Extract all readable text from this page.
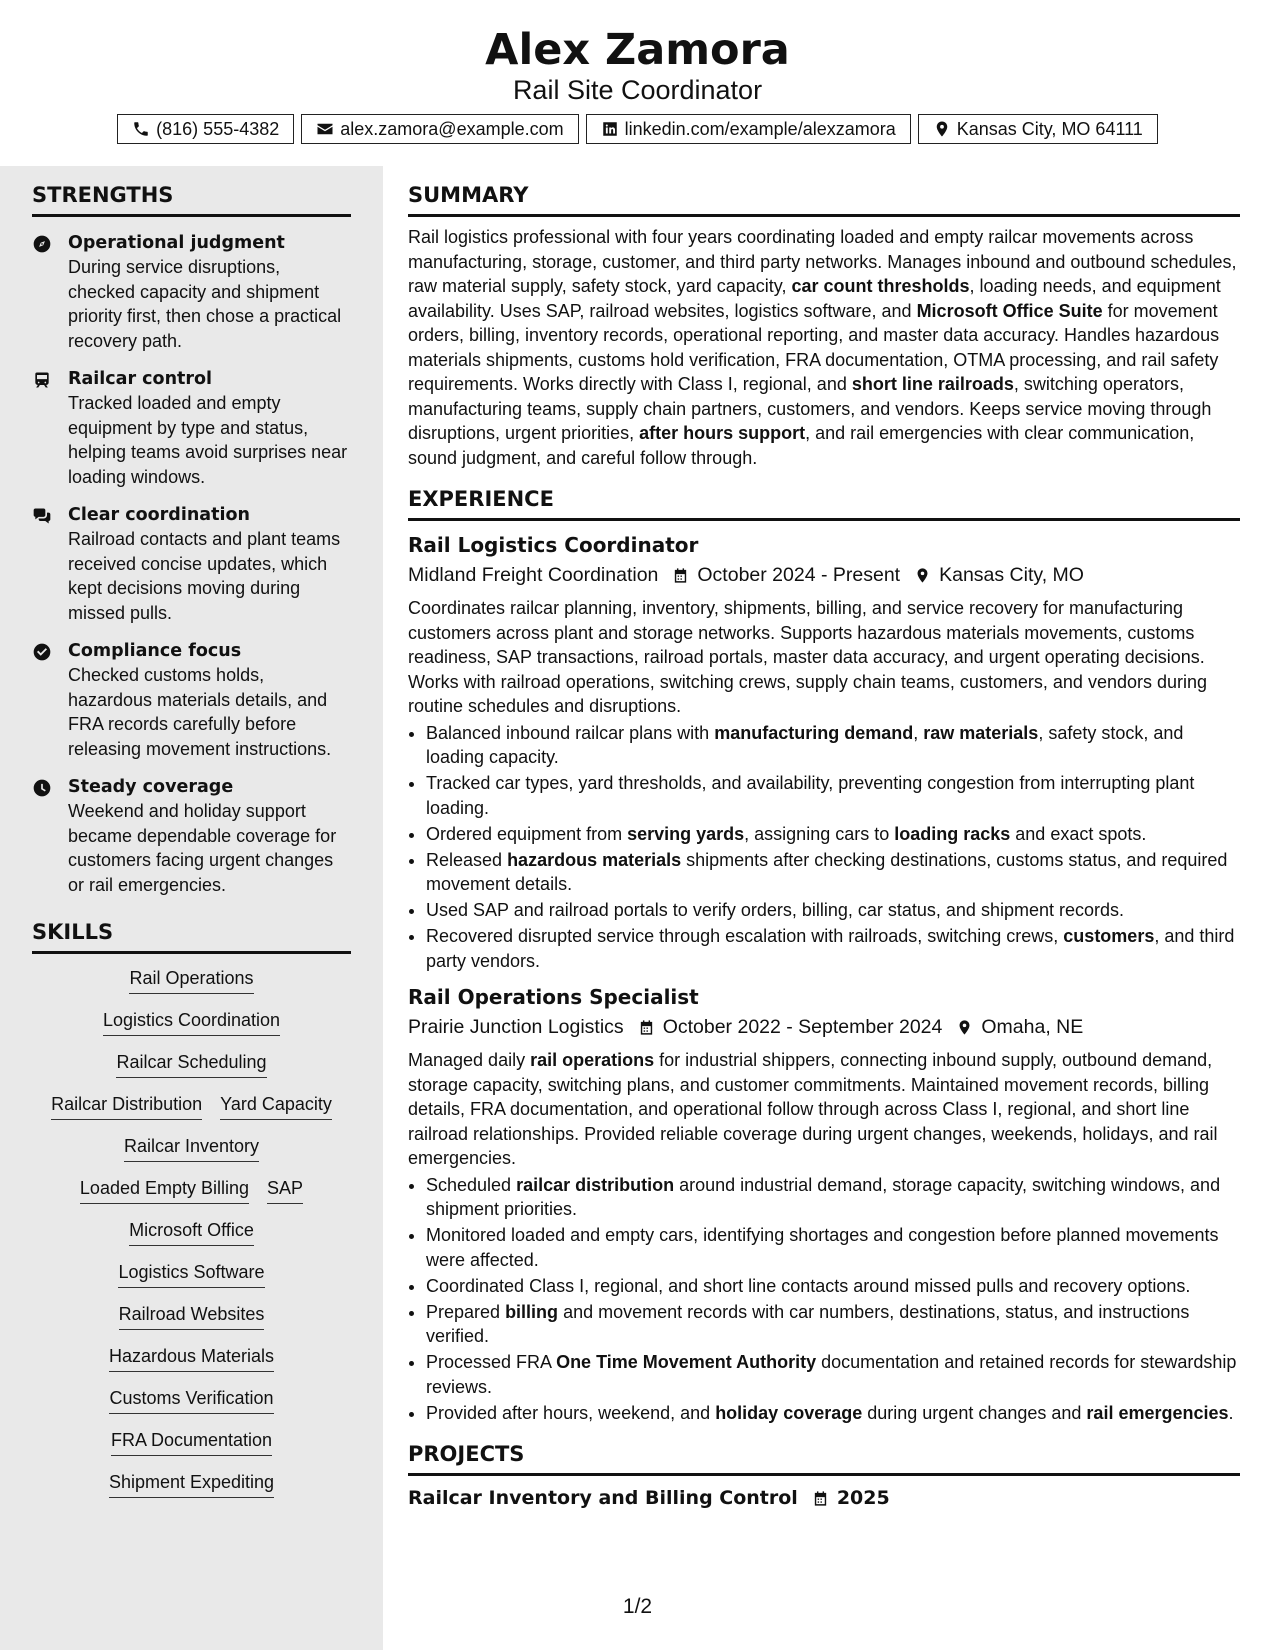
Alex Zamora
Rail Site Coordinator
(816) 555-4382	alex.zamora@example.com	linkedin.com/example/alexzamora	Kansas City, MO 64111
STRENGTHS
Operational judgment
During service disruptions, checked capacity and shipment priority first, then chose a practical recovery path.
Railcar control
Tracked loaded and empty equipment by type and status, helping teams avoid surprises near loading windows.
Clear coordination
Railroad contacts and plant teams received concise updates, which kept decisions moving during missed pulls.
Compliance focus
Checked customs holds, hazardous materials details, and FRA records carefully before releasing movement instructions.
Steady coverage
Weekend and holiday support became dependable coverage for customers facing urgent changes or rail emergencies.
SKILLS
Rail Operations
Logistics Coordination
Railcar Scheduling
Railcar Distribution Yard Capacity
Railcar Inventory
Loaded Empty Billing SAP
Microsoft Office
Logistics Software
Railroad Websites
Hazardous Materials
Customs Verification
FRA Documentation
Shipment Expediting
SUMMARY
Rail logistics professional with four years coordinating loaded and empty railcar movements across manufacturing, storage, customer, and third party networks. Manages inbound and outbound schedules, raw material supply, safety stock, yard capacity, car count thresholds, loading needs, and equipment availability. Uses SAP, railroad websites, logistics software, and Microsoft Office Suite for movement orders, billing, inventory records, operational reporting, and master data accuracy. Handles hazardous materials shipments, customs hold verification, FRA documentation, OTMA processing, and rail safety requirements. Works directly with Class I, regional, and short line railroads, switching operators, manufacturing teams, supply chain partners, customers, and vendors. Keeps service moving through disruptions, urgent priorities, after hours support, and rail emergencies with clear communication, sound judgment, and careful follow through.
EXPERIENCE
Rail Logistics Coordinator
Midland Freight Coordination October 2024 - Present Kansas City, MO
Coordinates railcar planning, inventory, shipments, billing, and service recovery for manufacturing customers across plant and storage networks. Supports hazardous materials movements, customs readiness, SAP transactions, railroad portals, master data accuracy, and urgent operating decisions. Works with railroad operations, switching crews, supply chain teams, customers, and vendors during routine schedules and disruptions.
• Balanced inbound railcar plans with manufacturing demand, raw materials, safety stock, and loading capacity.
• Tracked car types, yard thresholds, and availability, preventing congestion from interrupting plant loading.
• Ordered equipment from serving yards, assigning cars to loading racks and exact spots.
• Released hazardous materials shipments after checking destinations, customs status, and required movement details.
• Used SAP and railroad portals to verify orders, billing, car status, and shipment records.
• Recovered disrupted service through escalation with railroads, switching crews, customers, and third party vendors.
Rail Operations Specialist
Prairie Junction Logistics October 2022 - September 2024 Omaha, NE
Managed daily rail operations for industrial shippers, connecting inbound supply, outbound demand, storage capacity, switching plans, and customer commitments. Maintained movement records, billing details, FRA documentation, and operational follow through across Class I, regional, and short line railroad relationships. Provided reliable coverage during urgent changes, weekends, holidays, and rail emergencies.
• Scheduled railcar distribution around industrial demand, storage capacity, switching windows, and shipment priorities.
• Monitored loaded and empty cars, identifying shortages and congestion before planned movements were affected.
• Coordinated Class I, regional, and short line contacts around missed pulls and recovery options.
• Prepared billing and movement records with car numbers, destinations, status, and instructions verified.
• Processed FRA One Time Movement Authority documentation and retained records for stewardship reviews.
• Provided after hours, weekend, and holiday coverage during urgent changes and rail emergencies.
PROJECTS
Railcar Inventory and Billing Control 2025
1/2
